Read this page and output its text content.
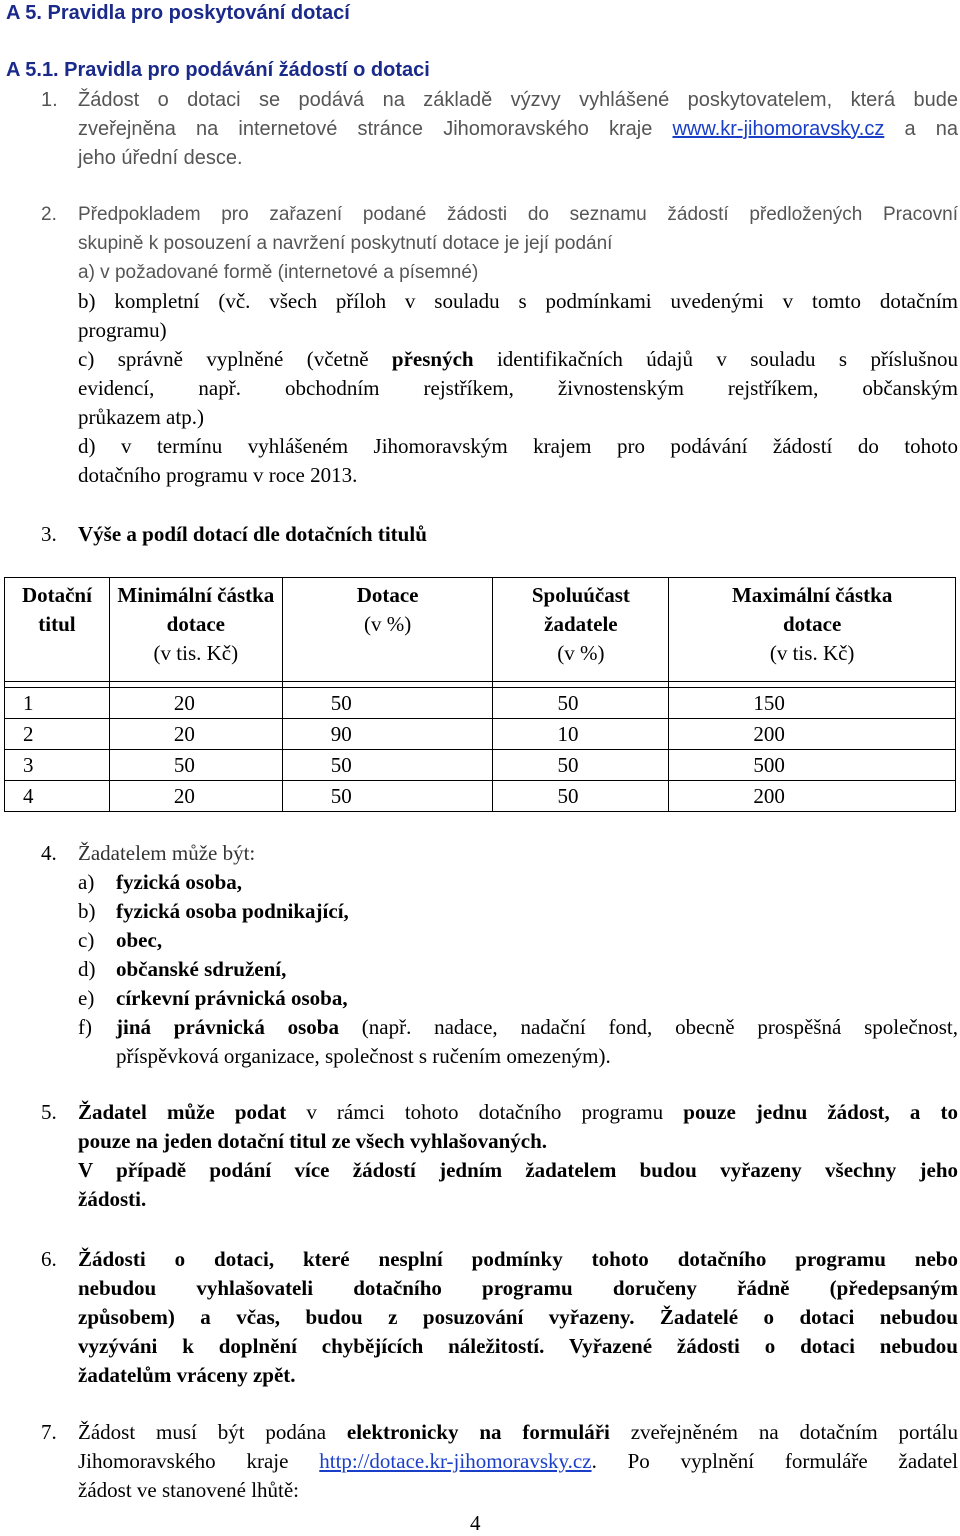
A 5. Pravidla pro poskytování dotací
A 5.1. Pravidla pro podávání žádostí o dotaci
1. Žádost o dotaci se podává na základě výzvy vyhlášené poskytovatelem, která bude
zveřejněna na internetové stránce Jihomoravského kraje www.kr-jihomoravsky.cz a na
jeho úřední desce.
2. Předpokladem pro zařazení podané žádosti do seznamu žádostí předložených Pracovní
skupině k posouzení a navržení poskytnutí dotace je její podání
a) v požadované formě (internetové a písemné)
b) kompletní (vč. všech příloh v souladu s podmínkami uvedenými v tomto dotačním
programu)
c) správně vyplněné (včetně přesných identifikačních údajů v souladu s příslušnou
evidencí, např. obchodním rejstříkem, živnostenským rejstříkem, občanským
průkazem atp.)
d) v termínu vyhlášeném Jihomoravským krajem pro podávání žádostí do tohoto
dotačního programu v roce 2013.
3. Výše a podíl dotací dle dotačních titulů
Dotační
titul	Minimální částka
dotace
(v tis. Kč)	Dotace
(v %)	Spoluúčast
žadatele
(v %)	Maximální částka
dotace
(v tis. Kč)

1	20	50	50	150
2	20	90	10	200
3	50	50	50	500
4	20	50	50	200
4. Žadatelem může být:
a) fyzická osoba,
b) fyzická osoba podnikající,
c) obec,
d) občanské sdružení,
e) církevní právnická osoba,
f) jiná právnická osoba (např. nadace, nadační fond, obecně prospěšná společnost,
příspěvková organizace, společnost s ručením omezeným).
5. Žadatel může podat v rámci tohoto dotačního programu pouze jednu žádost, a to
pouze na jeden dotační titul ze všech vyhlašovaných.
V případě podání více žádostí jedním žadatelem budou vyřazeny všechny jeho
žádosti.
6. Žádosti o dotaci, které nesplní podmínky tohoto dotačního programu nebo
nebudou vyhlašovateli dotačního programu doručeny řádně (předepsaným
způsobem) a včas, budou z posuzování vyřazeny. Žadatelé o dotaci nebudou
vyzýváni k doplnění chybějících náležitostí. Vyřazené žádosti o dotaci nebudou
žadatelům vráceny zpět.
7. Žádost musí být podána elektronicky na formuláři zveřejněném na dotačním portálu
Jihomoravského kraje http://dotace.kr-jihomoravsky.cz. Po vyplnění formuláře žadatel
žádost ve stanovené lhůtě:
4
